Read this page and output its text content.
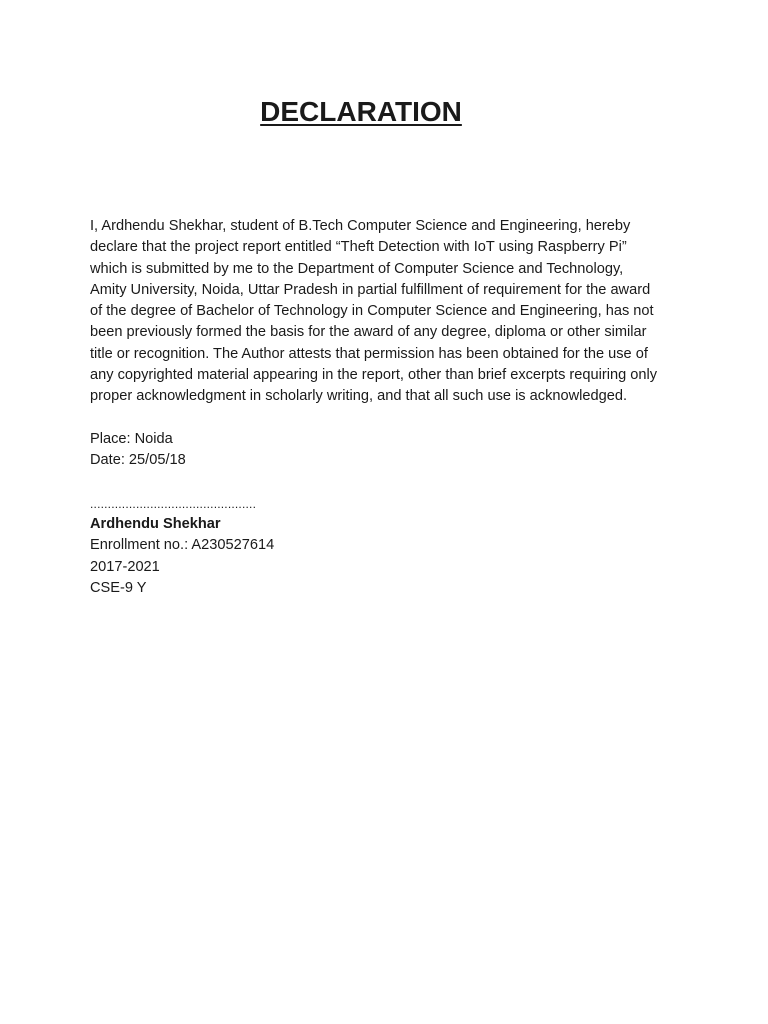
DECLARATION

I, Ardhendu Shekhar, student of B.Tech Computer Science and Engineering, hereby
declare that the project report entitled “Theft Detection with IoT using Raspberry Pi”
which is submitted by me to the Department of Computer Science and Technology,
Amity University, Noida, Uttar Pradesh in partial fulfillment of requirement for the award
of the degree of Bachelor of Technology in Computer Science and Engineering, has not
been previously formed the basis for the award of any degree, diploma or other similar
title or recognition. The Author attests that permission has been obtained for the use of
any copyrighted material appearing in the report, other than brief excerpts requiring only
proper acknowledgment in scholarly writing, and that all such use is acknowledged.

Place: Noida
Date: 25/05/18
...............................................
Ardhendu Shekhar
Enrollment no.: A230527614
2017-2021
CSE-9 Y
